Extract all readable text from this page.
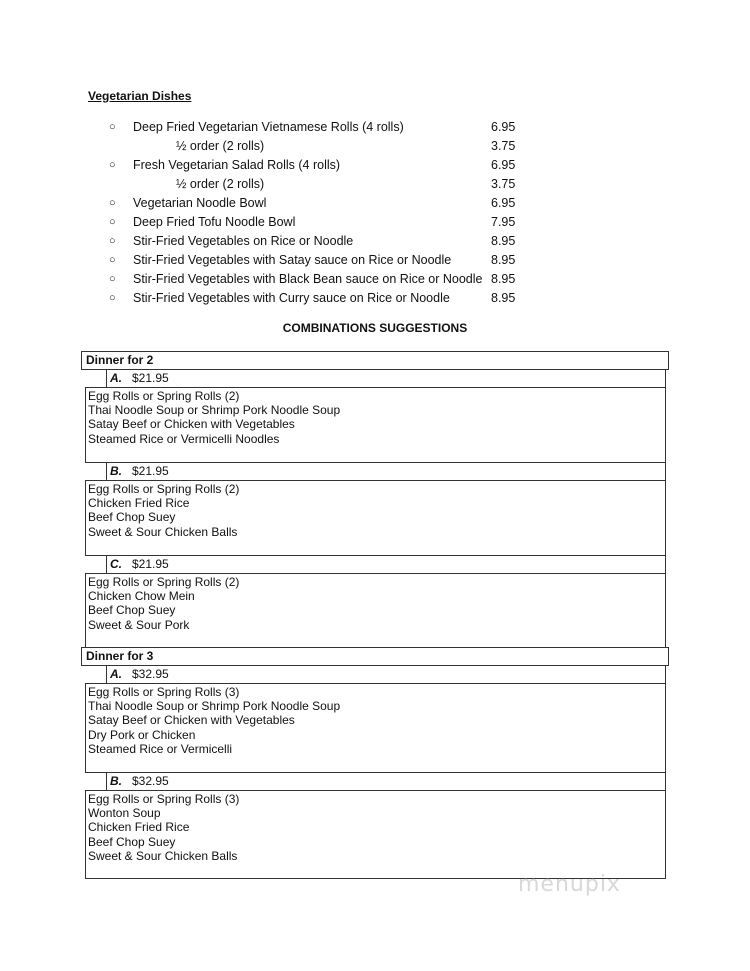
Vegetarian Dishes
○ Deep Fried Vegetarian Vietnamese Rolls (4 rolls)	6.95
½ order (2 rolls)	3.75
○ Fresh Vegetarian Salad Rolls (4 rolls)	6.95
½ order (2 rolls)	3.75
○ Vegetarian Noodle Bowl	6.95
○ Deep Fried Tofu Noodle Bowl	7.95
○ Stir-Fried Vegetables on Rice or Noodle	8.95
○ Stir-Fried Vegetables with Satay sauce on Rice or Noodle	8.95
○ Stir-Fried Vegetables with Black Bean sauce on Rice or Noodle 8.95
○ Stir-Fried Vegetables with Curry sauce on Rice or Noodle	8.95
COMBINATIONS SUGGESTIONS
Dinner for 2
A. $21.95
Egg Rolls or Spring Rolls (2)
Thai Noodle Soup or Shrimp Pork Noodle Soup
Satay Beef or Chicken with Vegetables
Steamed Rice or Vermicelli Noodles
B. $21.95
Egg Rolls or Spring Rolls (2)
Chicken Fried Rice
Beef Chop Suey
Sweet & Sour Chicken Balls
C. $21.95
Egg Rolls or Spring Rolls (2)
Chicken Chow Mein
Beef Chop Suey
Sweet & Sour Pork
Dinner for 3
A. $32.95
Egg Rolls or Spring Rolls (3)
Thai Noodle Soup or Shrimp Pork Noodle Soup
Satay Beef or Chicken with Vegetables
Dry Pork or Chicken
Steamed Rice or Vermicelli
B. $32.95
Egg Rolls or Spring Rolls (3)
Wonton Soup
Chicken Fried Rice
Beef Chop Suey
Sweet & Sour Chicken Balls
menupix
